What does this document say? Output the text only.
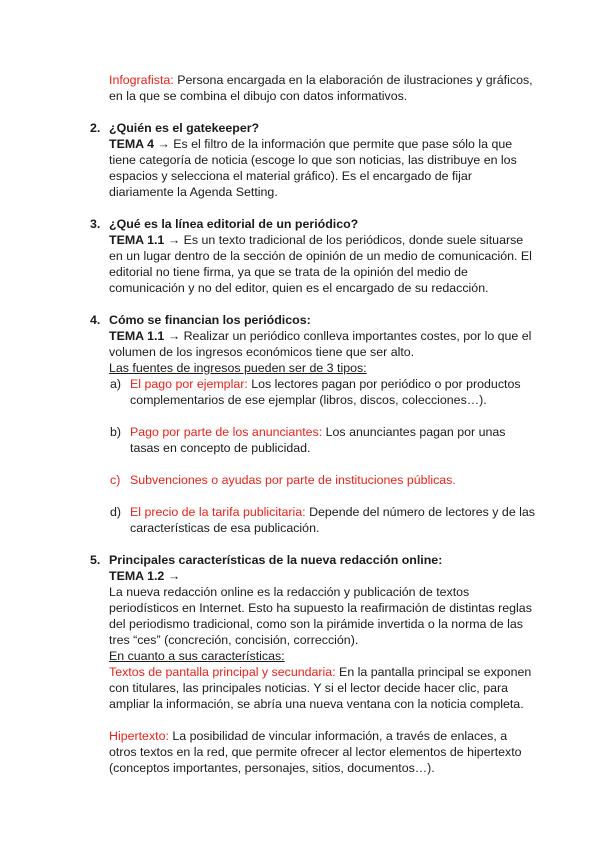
Infografista: Persona encargada en la elaboración de ilustraciones y gráficos,
en la que se combina el dibujo con datos informativos.
2. ¿Quién es el gatekeeper?
TEMA 4 → Es el filtro de la información que permite que pase sólo la que
tiene categoría de noticia (escoge lo que son noticias, las distribuye en los
espacios y selecciona el material gráfico). Es el encargado de fijar
diariamente la Agenda Setting.
3. ¿Qué es la línea editorial de un periódico?
TEMA 1.1 → Es un texto tradicional de los periódicos, donde suele situarse
en un lugar dentro de la sección de opinión de un medio de comunicación. El
editorial no tiene firma, ya que se trata de la opinión del medio de
comunicación y no del editor, quien es el encargado de su redacción.
4. Cómo se financian los periódicos:
TEMA 1.1 → Realizar un periódico conlleva importantes costes, por lo que el
volumen de los ingresos económicos tiene que ser alto.
Las fuentes de ingresos pueden ser de 3 tipos:
a) El pago por ejemplar: Los lectores pagan por periódico o por productos
complementarios de ese ejemplar (libros, discos, colecciones…).
b) Pago por parte de los anunciantes: Los anunciantes pagan por unas
tasas en concepto de publicidad.
c) Subvenciones o ayudas por parte de instituciones públicas.
d) El precio de la tarifa publicitaria: Depende del número de lectores y de las
características de esa publicación.
5. Principales características de la nueva redacción online:
TEMA 1.2 →
La nueva redacción online es la redacción y publicación de textos
periodísticos en Internet. Esto ha supuesto la reafirmación de distintas reglas
del periodismo tradicional, como son la pirámide invertida o la norma de las
tres “ces” (concreción, concisión, corrección).
En cuanto a sus características:
Textos de pantalla principal y secundaria: En la pantalla principal se exponen
con titulares, las principales noticias. Y si el lector decide hacer clic, para
ampliar la información, se abría una nueva ventana con la noticia completa.
Hipertexto: La posibilidad de vincular información, a través de enlaces, a
otros textos en la red, que permite ofrecer al lector elementos de hipertexto
(conceptos importantes, personajes, sitios, documentos…).
